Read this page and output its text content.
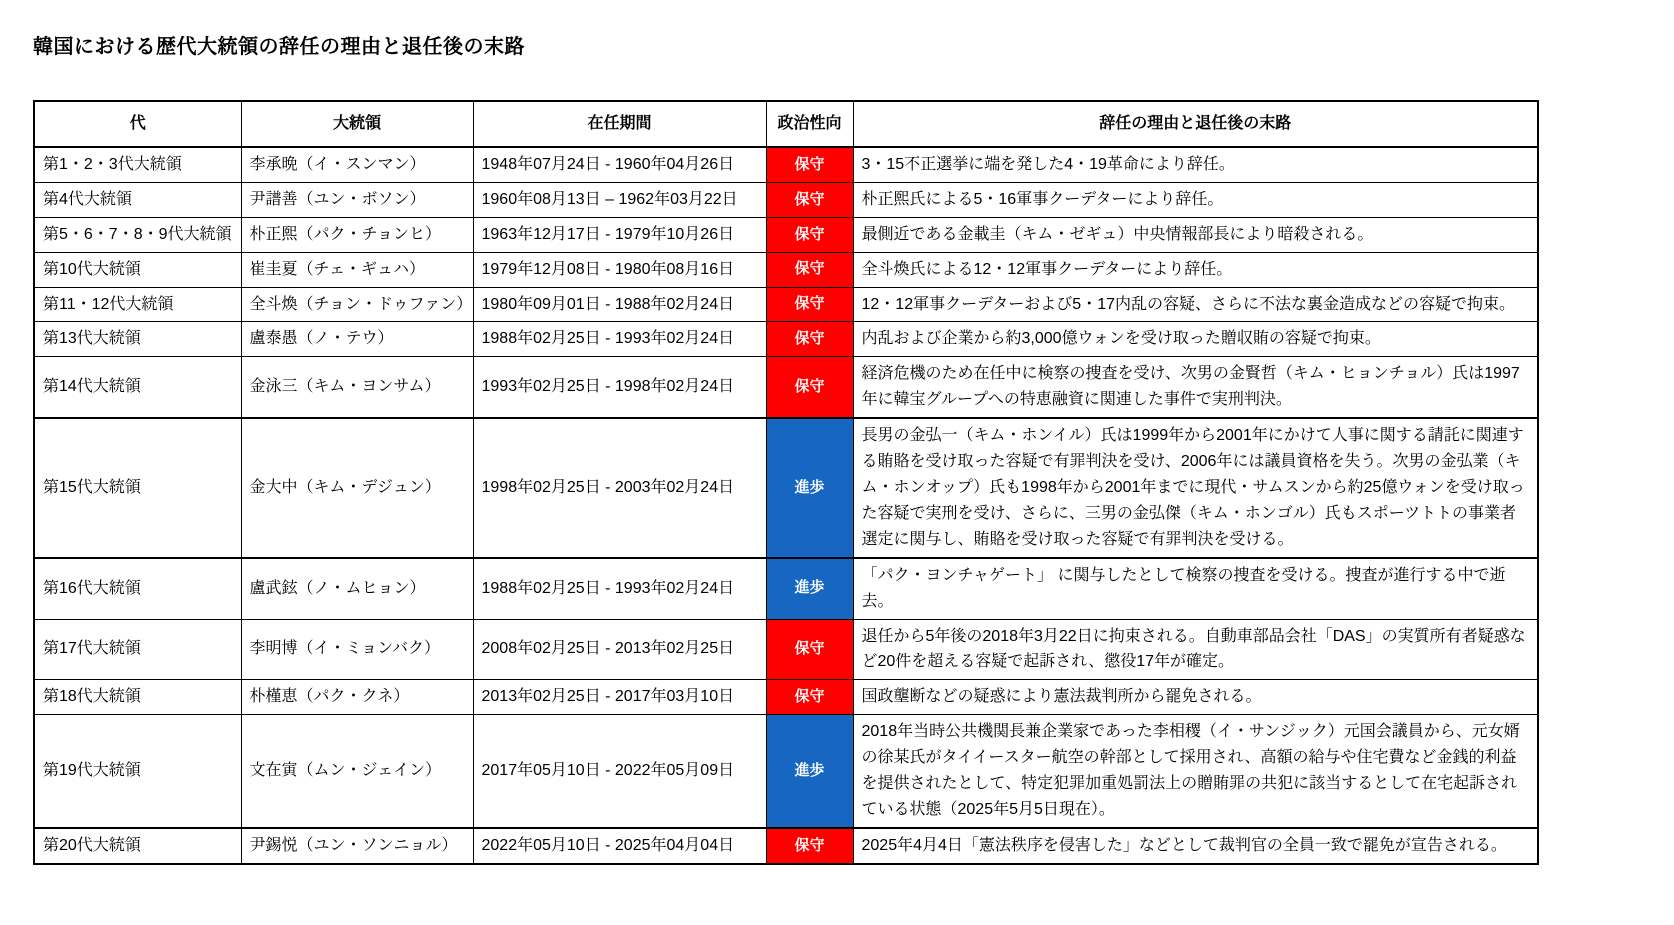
韓国における歴代大統領の辞任の理由と退任後の末路
代	大統領	在任期間	政治性向	辞任の理由と退任後の末路
第1・2・3代大統領	李承晩（イ・スンマン）	1948年07月24日 - 1960年04月26日	保守	3・15不正選挙に端を発した4・19革命により辞任。
第4代大統領	尹譜善（ユン・ボソン）	1960年08月13日 – 1962年03月22日	保守	朴正煕氏による5・16軍事クーデターにより辞任。
第5・6・7・8・9代大統領	朴正煕（パク・チョンヒ）	1963年12月17日 - 1979年10月26日	保守	最側近である金載圭（キム・ゼギュ）中央情報部長により暗殺される。
第10代大統領	崔圭夏（チェ・ギュハ）	1979年12月08日 - 1980年08月16日	保守	全斗煥氏による12・12軍事クーデターにより辞任。
第11・12代大統領	全斗煥（チョン・ドゥファン）	1980年09月01日 - 1988年02月24日	保守	12・12軍事クーデターおよび5・17内乱の容疑、さらに不法な裏金造成などの容疑で拘束。
第13代大統領	盧泰愚（ノ・テウ）	1988年02月25日 - 1993年02月24日	保守	内乱および企業から約3,000億ウォンを受け取った贈収賄の容疑で拘束。
第14代大統領	金泳三（キム・ヨンサム）	1993年02月25日 - 1998年02月24日	保守	経済危機のため在任中に検察の捜査を受け、次男の金賢哲（キム・ヒョンチョル）氏は1997年に韓宝グループへの特恵融資に関連した事件で実刑判決。
第15代大統領	金大中（キム・デジュン）	1998年02月25日 - 2003年02月24日	進歩	長男の金弘一（キム・ホンイル）氏は1999年から2001年にかけて人事に関する請託に関連する賄賂を受け取った容疑で有罪判決を受け、2006年には議員資格を失う。次男の金弘業（キム・ホンオップ）氏も1998年から2001年までに現代・サムスンから約25億ウォンを受け取った容疑で実刑を受け、さらに、三男の金弘傑（キム・ホンゴル）氏もスポーツトトの事業者選定に関与し、賄賂を受け取った容疑で有罪判決を受ける。
第16代大統領	盧武鉉（ノ・ムヒョン）	1988年02月25日 - 1993年02月24日	進歩	「パク・ヨンチャゲート」 に関与したとして検察の捜査を受ける。捜査が進行する中で逝去。
第17代大統領	李明博（イ・ミョンバク）	2008年02月25日 - 2013年02月25日	保守	退任から5年後の2018年3月22日に拘束される。自動車部品会社「DAS」の実質所有者疑惑など20件を超える容疑で起訴され、懲役17年が確定。
第18代大統領	朴槿恵（パク・クネ）	2013年02月25日 - 2017年03月10日	保守	国政壟断などの疑惑により憲法裁判所から罷免される。
第19代大統領	文在寅（ムン・ジェイン）	2017年05月10日 - 2022年05月09日	進歩	2018年当時公共機関長兼企業家であった李相稷（イ・サンジック）元国会議員から、元女婿の徐某氏がタイイースター航空の幹部として採用され、高額の給与や住宅費など金銭的利益を提供されたとして、特定犯罪加重処罰法上の贈賄罪の共犯に該当するとして在宅起訴されている状態（2025年5月5日現在）。
第20代大統領	尹錫悦（ユン・ソンニョル）	2022年05月10日 - 2025年04月04日	保守	2025年4月4日「憲法秩序を侵害した」などとして裁判官の全員一致で罷免が宣告される。
